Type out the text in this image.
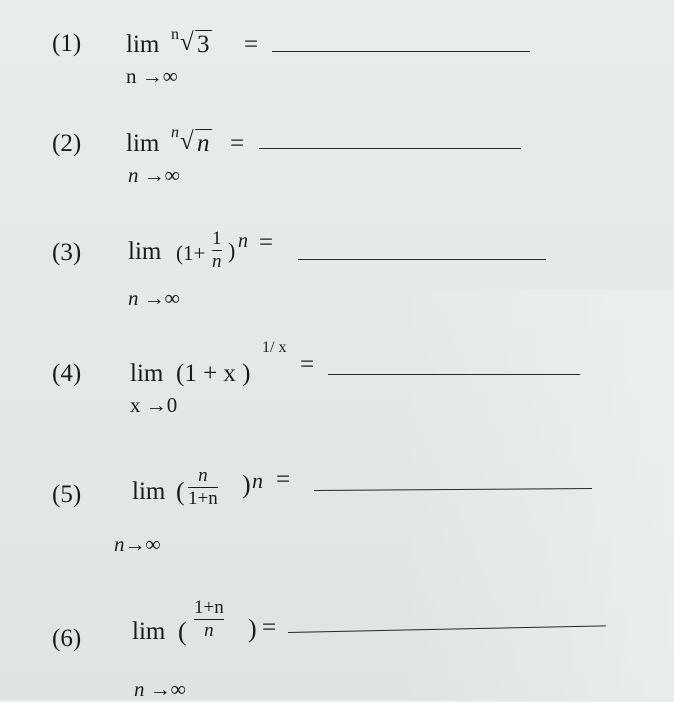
(1) lim n √ 3 =
n →∞
(2) lim n √ n =
n →∞
(3) lim (1+
1
n ) n =
n →∞
(4) lim (1 + x )
1/ x
=
x →0
(5) lim (
n
1+n ) n =
n→∞
(6) lim (
1+n
n ) =
n →∞
